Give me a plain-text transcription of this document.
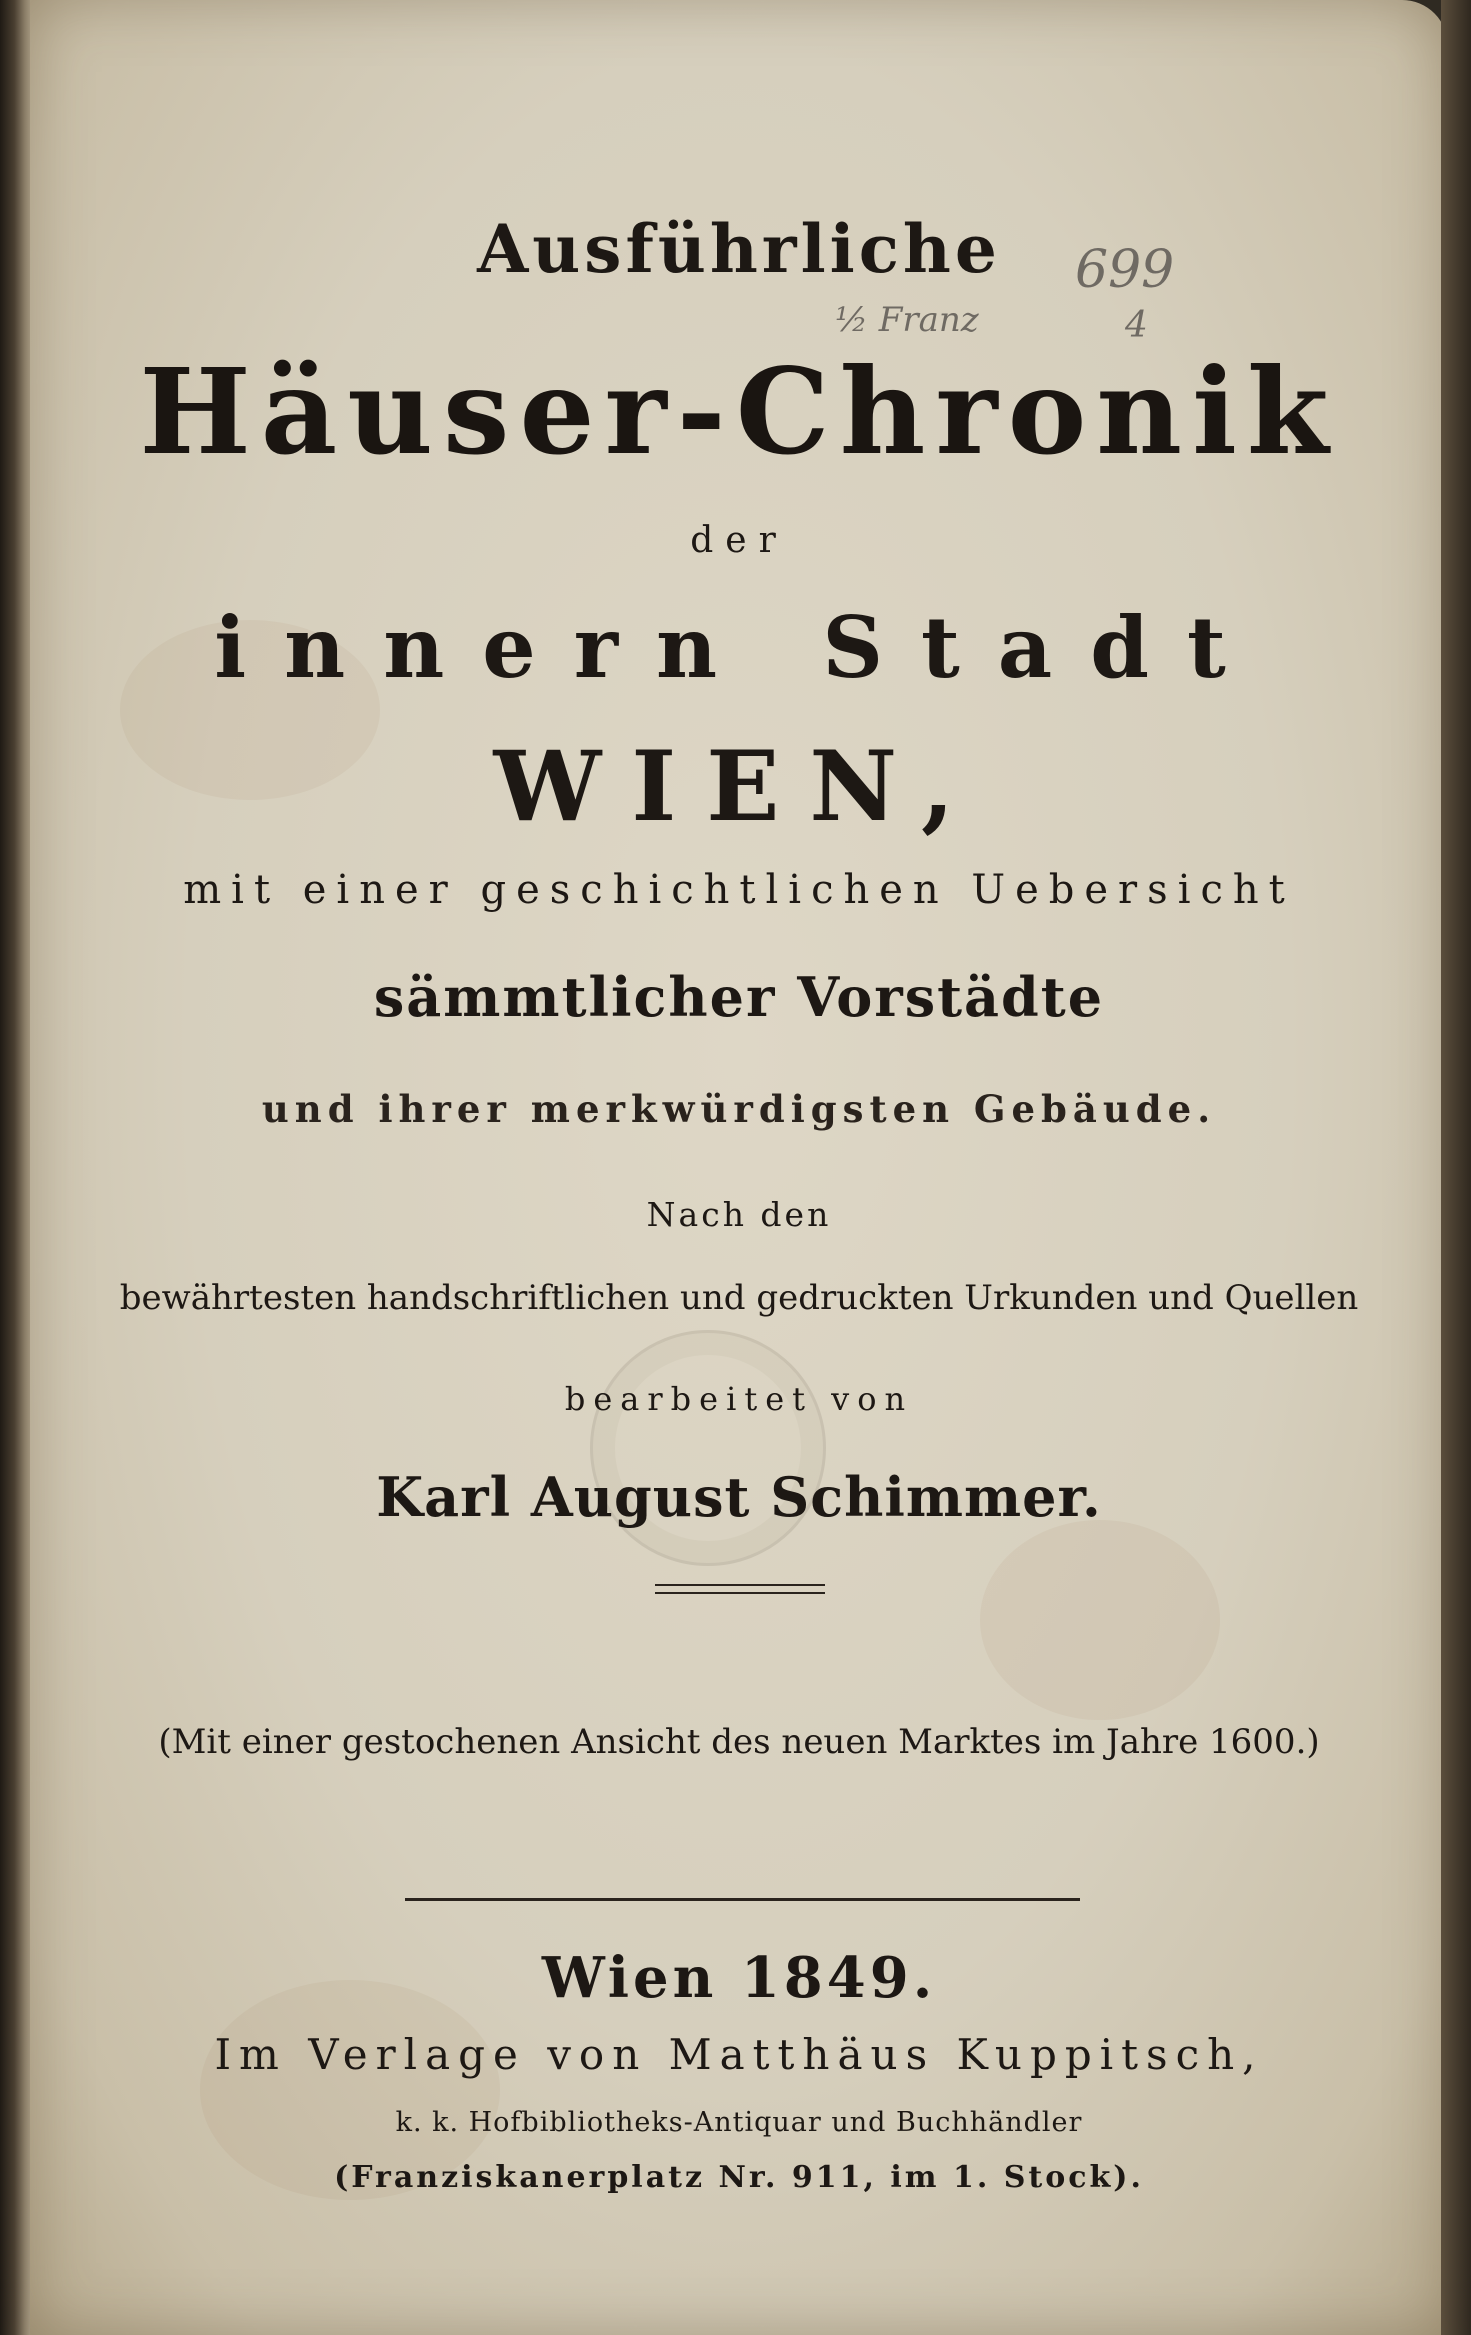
699
½ Franz	4
Ausführliche
Häuser-Chronik
der
innern Stadt
WIEN,
mit einer geschichtlichen Uebersicht
sämmtlicher Vorstädte
und ihrer merkwürdigsten Gebäude.
Nach den
bewährtesten handschriftlichen und gedruckten Urkunden und Quellen
bearbeitet von
Karl August Schimmer.
(Mit einer gestochenen Ansicht des neuen Marktes im Jahre 1600.)
Wien 1849.
Im Verlage von Matthäus Kuppitsch,
k. k. Hofbibliotheks-Antiquar und Buchhändler
(Franziskanerplatz Nr. 911, im 1. Stock).
